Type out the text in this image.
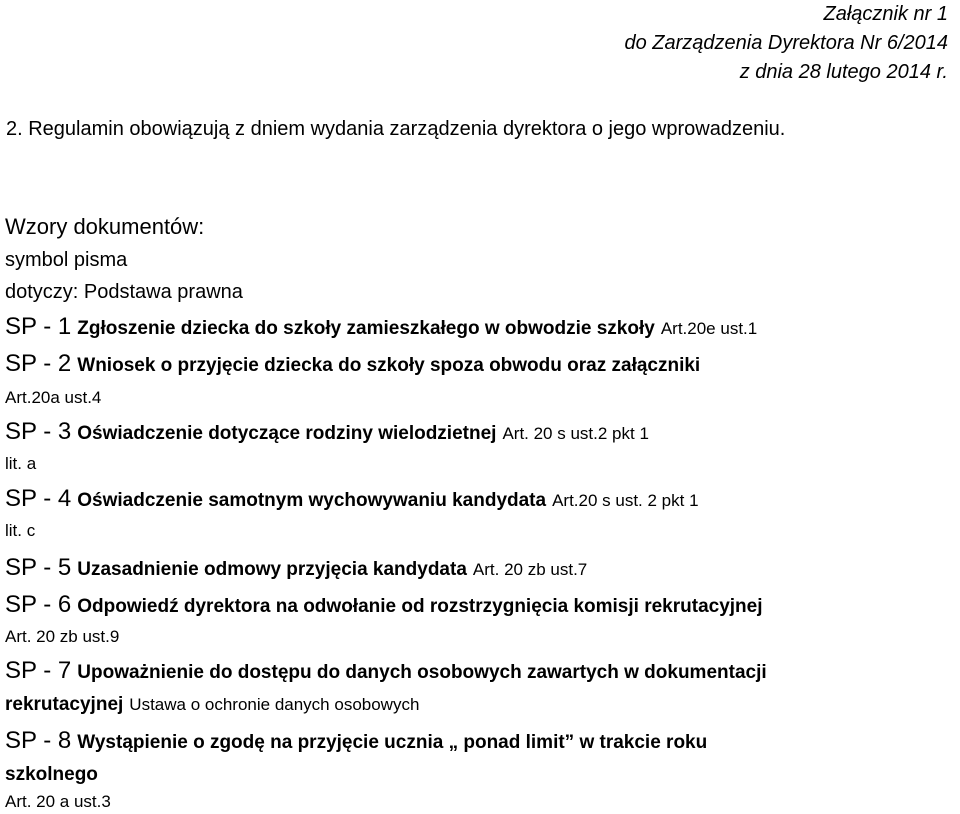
Załącznik nr 1
do Zarządzenia Dyrektora Nr 6/2014
z dnia 28 lutego 2014 r.
2. Regulamin obowiązują z dniem wydania zarządzenia dyrektora o jego wprowadzeniu.
Wzory dokumentów:
symbol pisma
dotyczy: Podstawa prawna
SP - 1 Zgłoszenie dziecka do szkoły zamieszkałego w obwodzie szkoły Art.20e ust.1
SP - 2 Wniosek o przyjęcie dziecka do szkoły spoza obwodu oraz załączniki
Art.20a ust.4
SP - 3 Oświadczenie dotyczące rodziny wielodzietnej Art. 20 s ust.2 pkt 1
lit. a
SP - 4 Oświadczenie samotnym wychowywaniu kandydata Art.20 s ust. 2 pkt 1
lit. c
SP - 5 Uzasadnienie odmowy przyjęcia kandydata Art. 20 zb ust.7
SP - 6 Odpowiedź dyrektora na odwołanie od rozstrzygnięcia komisji rekrutacyjnej
Art. 20 zb ust.9
SP - 7 Upoważnienie do dostępu do danych osobowych zawartych w dokumentacji
rekrutacyjnej Ustawa o ochronie danych osobowych
SP - 8 Wystąpienie o zgodę na przyjęcie ucznia „ ponad limit” w trakcie roku
szkolnego
Art. 20 a ust.3
